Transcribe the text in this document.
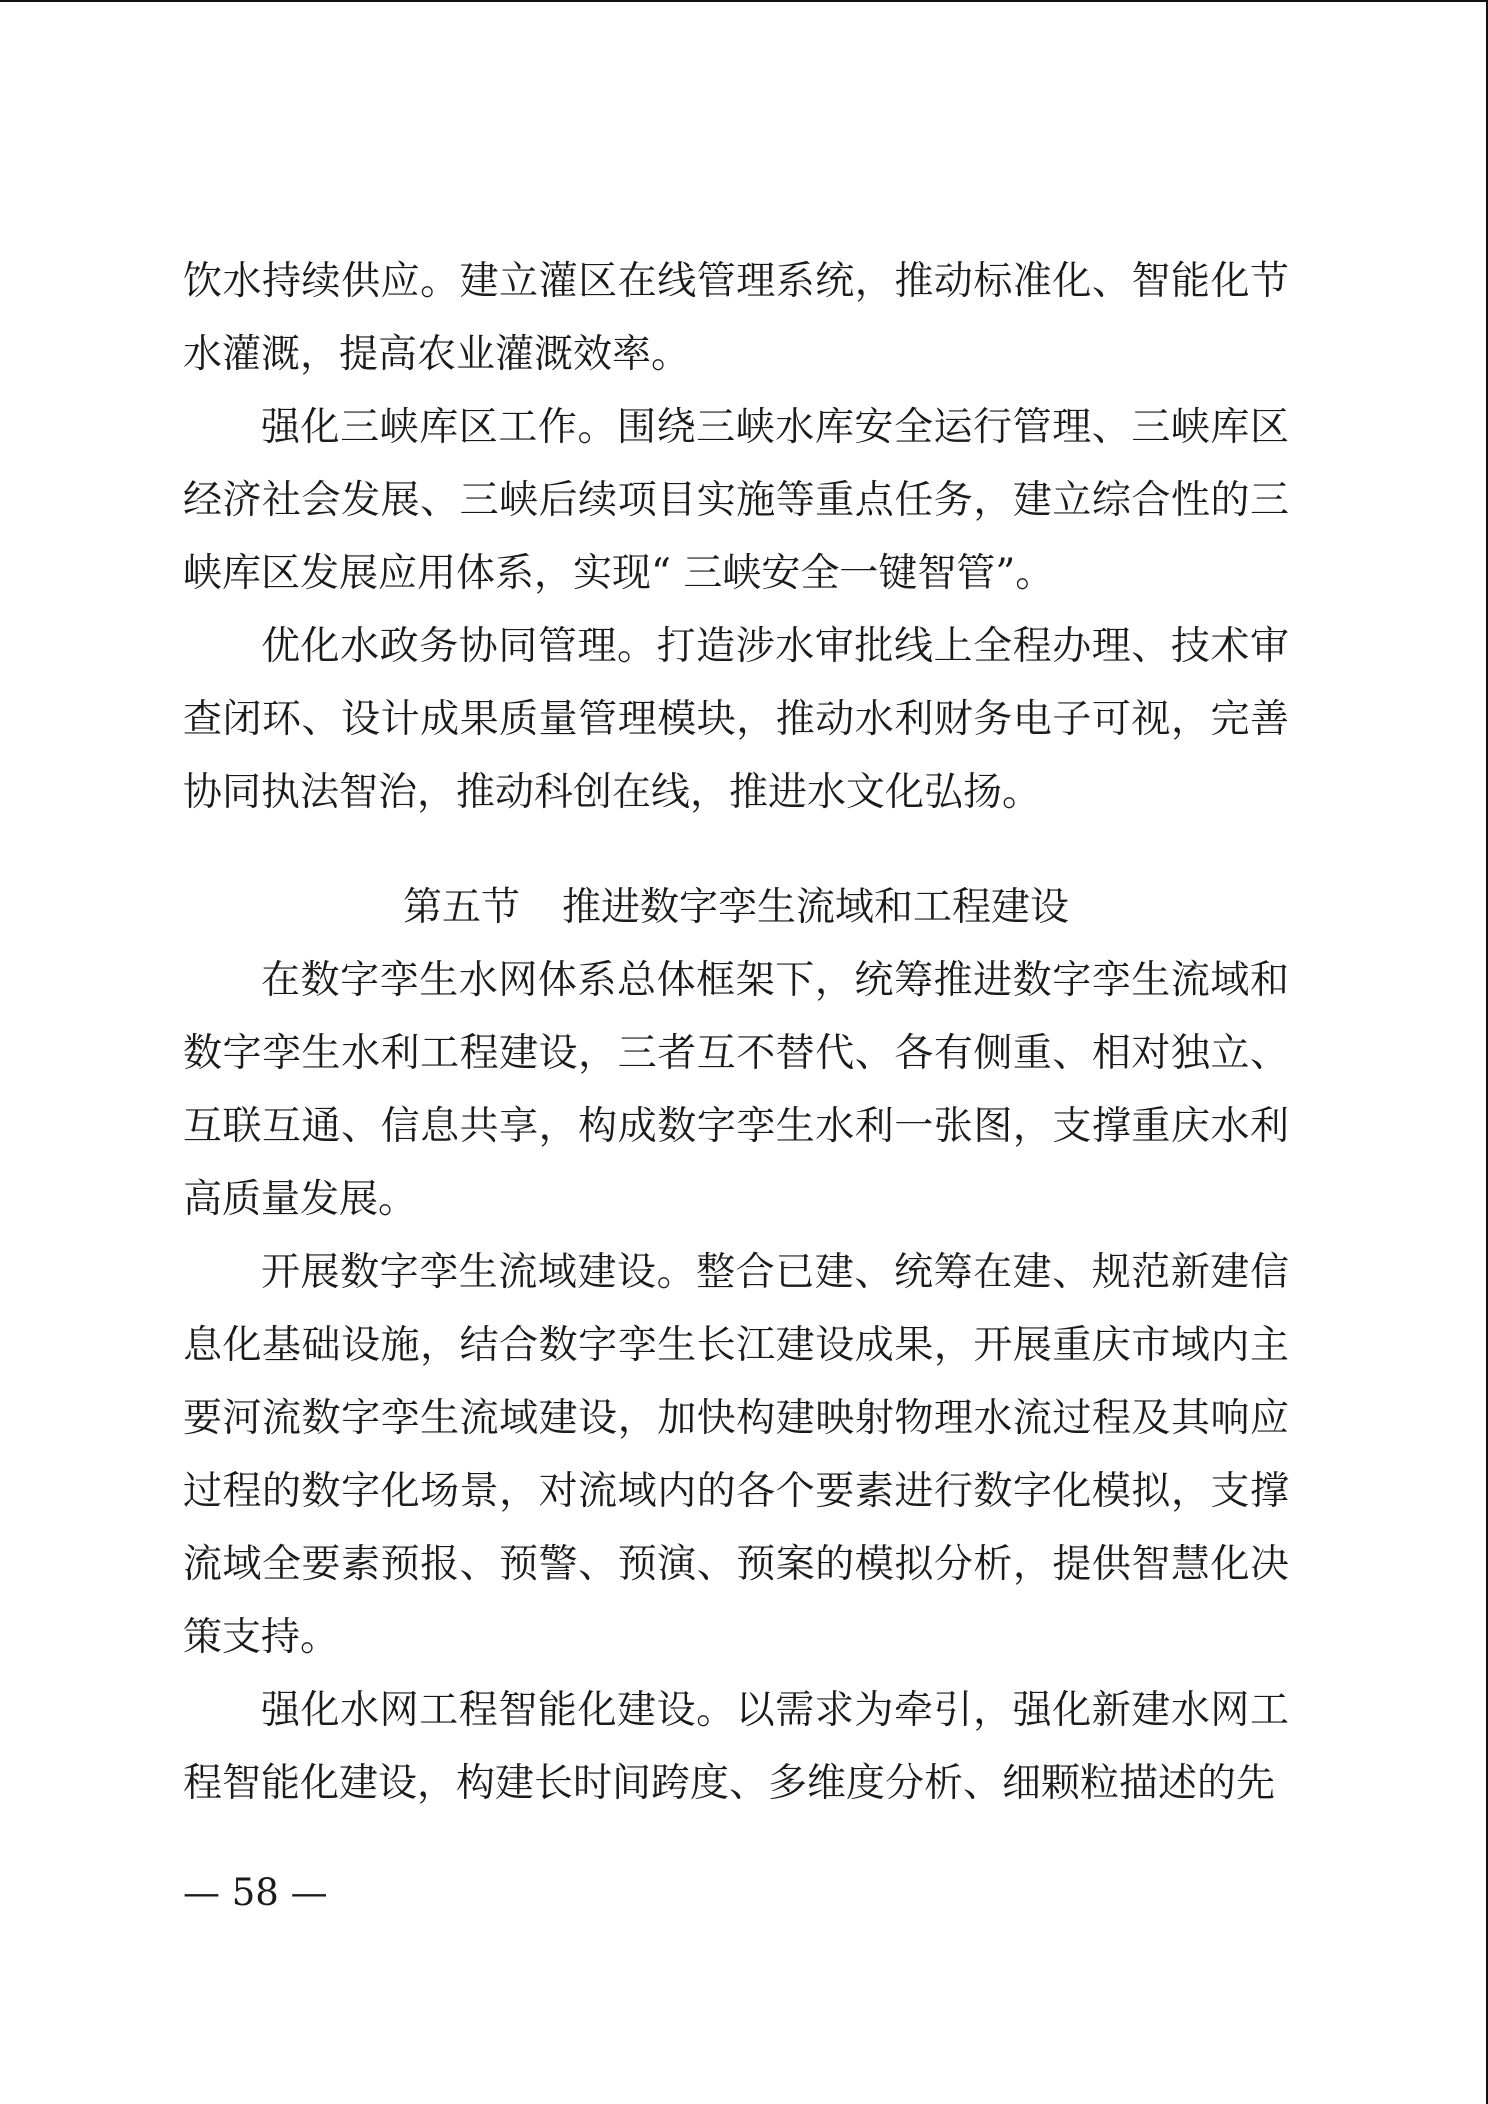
饮水持续供应。建立灌区在线管理系统，推动标准化、智能化节
水灌溉，提高农业灌溉效率。
强化三峡库区工作。围绕三峡水库安全运行管理、三峡库区
经济社会发展、三峡后续项目实施等重点任务，建立综合性的三
峡库区发展应用体系，实现“ 三峡安全一键智管”。
优化水政务协同管理。打造涉水审批线上全程办理、技术审
查闭环、设计成果质量管理模块，推动水利财务电子可视，完善
协同执法智治，推动科创在线，推进水文化弘扬。
第五节 推进数字孪生流域和工程建设
在数字孪生水网体系总体框架下，统筹推进数字孪生流域和
数字孪生水利工程建设，三者互不替代、各有侧重、相对独立、
互联互通、信息共享，构成数字孪生水利一张图，支撑重庆水利
高质量发展。
开展数字孪生流域建设。整合已建、统筹在建、规范新建信
息化基础设施，结合数字孪生长江建设成果，开展重庆市域内主
要河流数字孪生流域建设，加快构建映射物理水流过程及其响应
过程的数字化场景，对流域内的各个要素进行数字化模拟，支撑
流域全要素预报、预警、预演、预案的模拟分析，提供智慧化决
策支持。
强化水网工程智能化建设。以需求为牵引，强化新建水网工
程智能化建设，构建长时间跨度、多维度分析、细颗粒描述的先
— 58 —
